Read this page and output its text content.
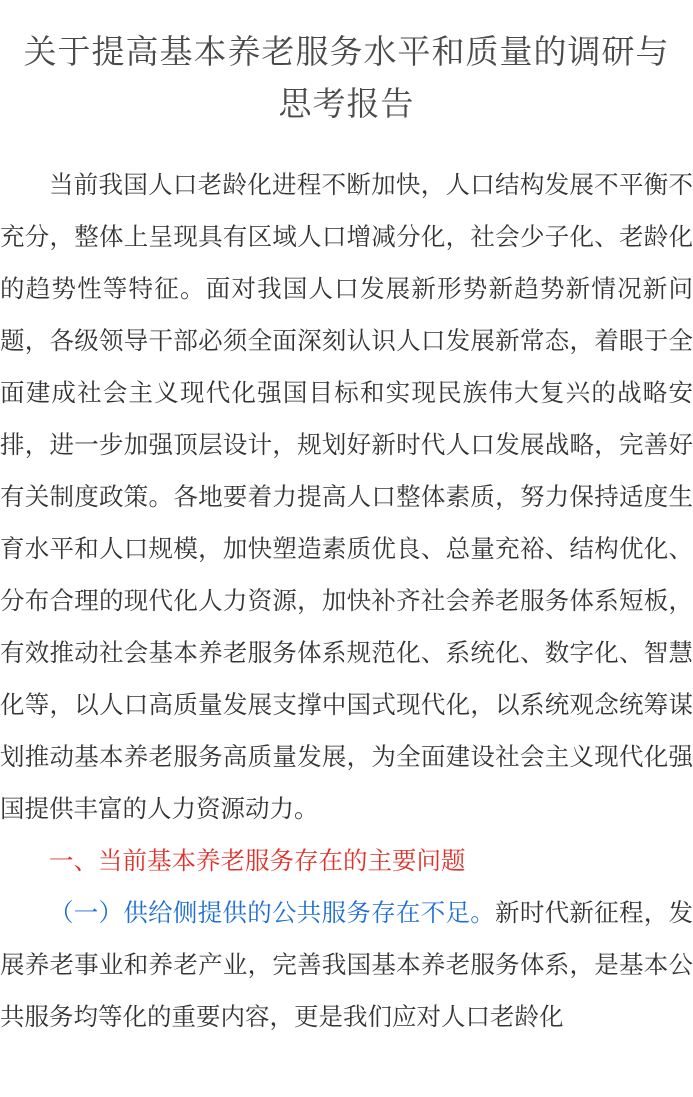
关于提高基本养老服务水平和质量的调研与
思考报告

当前我国人口老龄化进程不断加快，人口结构发展不平衡不充分，整体上呈现具有区域人口增减分化，社会少子化、老龄化的趋势性等特征。面对我国人口发展新形势新趋势新情况新问题，各级领导干部必须全面深刻认识人口发展新常态，着眼于全面建成社会主义现代化强国目标和实现民族伟大复兴的战略安排，进一步加强顶层设计，规划好新时代人口发展战略，完善好有关制度政策。各地要着力提高人口整体素质，努力保持适度生育水平和人口规模，加快塑造素质优良、总量充裕、结构优化、分布合理的现代化人力资源，加快补齐社会养老服务体系短板，有效推动社会基本养老服务体系规范化、系统化、数字化、智慧化等，以人口高质量发展支撑中国式现代化，以系统观念统筹谋划推动基本养老服务高质量发展，为全面建设社会主义现代化强国提供丰富的人力资源动力。

一、当前基本养老服务存在的主要问题

（一）供给侧提供的公共服务存在不足。新时代新征程，发展养老事业和养老产业，完善我国基本养老服务体系，是基本公共服务均等化的重要内容，更是我们应对人口老龄化
